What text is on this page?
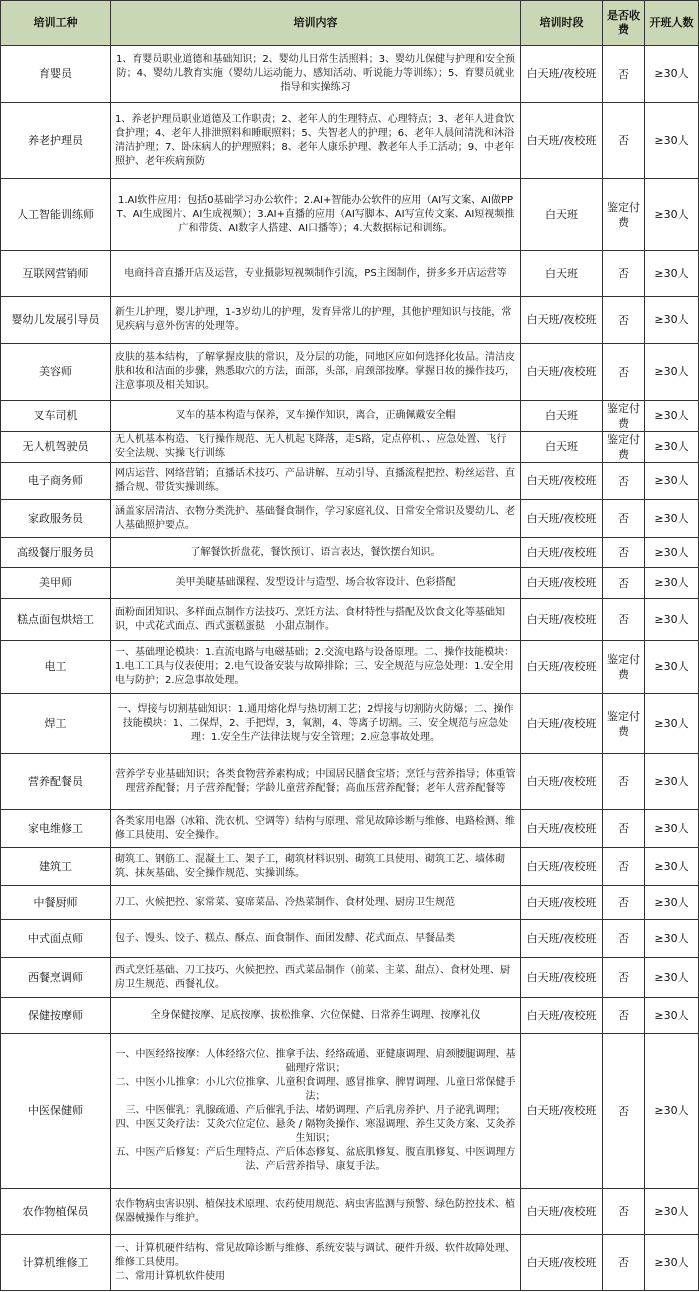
培训工种	培训内容	培训时段	是否收费	开班人数
育婴员	1、育婴员职业道德和基础知识；2、婴幼儿日常生活照料；3、婴幼儿保健与护理和安全预防；4、婴幼儿教育实施（婴幼儿运动能力、感知活动、听说能力等训练）；5、育婴员就业指导和实操练习	白天班/夜校班	否	≥30人
养老护理员	1、养老护理员职业道德及工作职责；2、老年人的生理特点、心理特点；3、老年人进食饮食护理；4、老年人排泄照料和睡眠照料；5、失智老人的护理；6、老年人晨间清洗和沐浴清洁护理；7、卧床病人的护理照料；8、老年人康乐护理、教老年人手工活动；9、中老年照护、老年疾病预防	白天班/夜校班	否	≥30人
人工智能训练师	1.AI软件应用：包括0基础学习办公软件；2.AI+智能办公软件的应用（AI写文案、AI做PPT、AI生成图片、AI生成视频）；3.AI+直播的应用（AI写脚本、AI写宣传文案、AI短视频推广和带货、AI数字人搭建、AI口播等）；4.大数据标记和训练。	白天班	鉴定付费	≥30人
互联网营销师	电商抖音直播开店及运营，专业摄影短视频制作引流，PS主图制作，拼多多开店运营等	白天班	否	≥30人
婴幼儿发展引导员	新生儿护理，婴儿护理，1-3岁幼儿的护理，发育异常儿的护理，其他护理知识与技能，常见疾病与意外伤害的处理等。	白天班/夜校班	否	≥30人
美容师	皮肤的基本结构，了解掌握皮肤的常识，及分层的功能，同地区应如何选择化妆品。清洁皮肤和妆和洁面的步骤，熟悉取穴的方法，面部，头部，肩颈部按摩。掌握日妆的操作技巧，注意事项及相关知识。	白天班/夜校班	否	≥30人
叉车司机	叉车的基本构造与保养，叉车操作知识，离合，正确佩戴安全帽	白天班	鉴定付费	≥30人
无人机驾驶员	无人机基本构造、飞行操作规范、无人机起飞降落，走S路，定点停机、、应急处置、飞行安全法规、实操飞行训练	白天班	鉴定付费	≥30人
电子商务师	网店运营、网络营销；直播话术技巧、产品讲解、互动引导、直播流程把控、粉丝运营、直播合规、带货实操训练。	白天班/夜校班	否	≥30人
家政服务员	涵盖家居清洁、衣物分类洗护、基础餐食制作，学习家庭礼仪、日常安全常识及婴幼儿、老人基础照护要点。	白天班/夜校班	否	≥30人
高级餐厅服务员	了解餐饮折盘花，餐饮预订、语言表达，餐饮摆台知识。	白天班/夜校班	否	≥30人
美甲师	美甲美睫基础课程、发型设计与造型、场合妆容设计、色彩搭配	白天班/夜校班	否	≥30人
糕点面包烘焙工	面粉面团知识、多样面点制作方法技巧、烹饪方法、食材特性与搭配及饮食文化等基础知识，中式花式面点、西式蛋糕蛋挞　小甜点制作。	白天班/夜校班	否	≥30人
电工	一、基础理论模块：1.直流电路与电磁基础；2.交流电路与设备原理。二、操作技能模块：1.电工工具与仪表使用；2.电气设备安装与故障排除；三、安全规范与应急处理：1.安全用电与防护；2.应急事故处理。	白天班/夜校班	鉴定付费	≥30人
焊工	一、焊接与切割基础知识：1.通用熔化焊与热切割工艺；2焊接与切割防火防爆；二、操作技能模块：1、二保焊，2、手把焊，3，氧割，4、等离子切割。三、安全规范与应急处理：1.安全生产法律法规与安全管理；2.应急事故处理。	白天班/夜校班	鉴定付费	≥30人
营养配餐员	营养学专业基础知识；各类食物营养素构成；中国居民膳食宝塔；烹饪与营养指导；体重管理营养配餐；月子营养配餐；学龄儿童营养配餐；高血压营养配餐；老年人营养配餐等	白天班/夜校班	否	≥30人
家电维修工	各类家用电器（冰箱、洗衣机、空调等）结构与原理、常见故障诊断与维修、电路检测、维修工具使用、安全操作。	白天班/夜校班	否	≥30人
建筑工	砌筑工、钢筋工、混凝土工、架子工，砌筑材料识别、砌筑工具使用、砌筑工艺、墙体砌筑、抹灰基础、安全操作规范、实操训练。	白天班/夜校班	否	≥30人
中餐厨师	刀工、火候把控、家常菜、宴席菜品、冷热菜制作、食材处理、厨房卫生规范	白天班/夜校班	否	≥30人
中式面点师	包子、馒头、饺子、糕点、酥点、面食制作、面团发酵、花式面点、早餐品类	白天班/夜校班	否	≥30人
西餐烹调师	西式烹饪基础、刀工技巧、火候把控、西式菜品制作（前菜、主菜、甜点）、食材处理、厨房卫生规范、西餐礼仪。	白天班/夜校班	否	≥30人
保健按摩师	全身保健按摩、足底按摩、拔松推拿、穴位保健、日常养生调理、按摩礼仪	白天班/夜校班	否	≥30人
中医保健师	一、中医经络按摩：人体经络穴位、推拿手法、经络疏通、亚健康调理、肩颈腰腿调理、基础理疗常识；
二、中医小儿推拿：小儿穴位推拿、儿童积食调理、感冒推拿、脾胃调理、儿童日常保健手法；
三、中医催乳：乳腺疏通、产后催乳手法、堵奶调理、产后乳房养护、月子泌乳调理；
四、中医艾灸疗法：艾灸穴位定位、悬灸 / 隔物灸操作、寒湿调理、养生艾灸方案、艾灸养生知识；
五、中医产后修复：产后生理特点、产后体态修复、盆底肌修复、腹直肌修复、中医调理方法、产后营养指导、康复手法。	白天班/夜校班	否	≥30人
农作物植保员	农作物病虫害识别、植保技术原理、农药使用规范、病虫害监测与预警、绿色防控技术、植保器械操作与维护。	白天班/夜校班	否	≥30人
计算机维修工	一、计算机硬件结构、常见故障诊断与维修、系统安装与调试、硬件升级、软件故障处理、维修工具使用。
二、常用计算机软件使用	白天班/夜校班	否	≥30人
